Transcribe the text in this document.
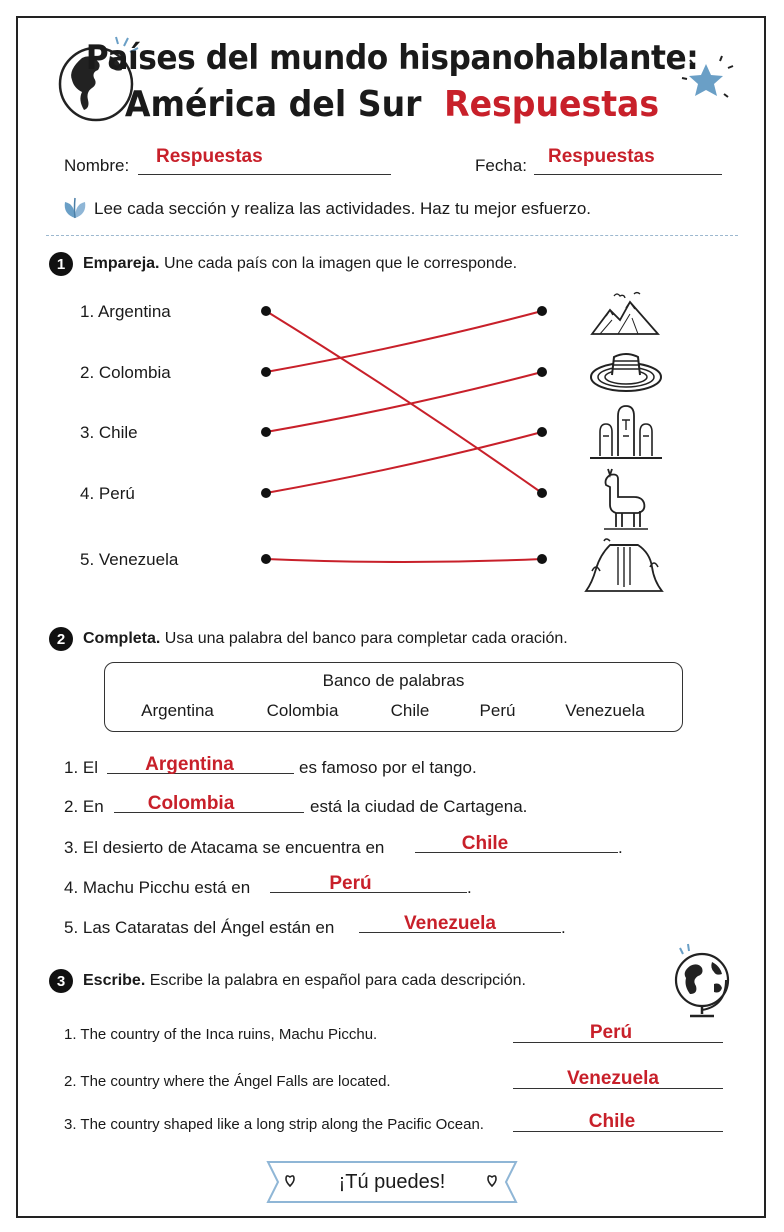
Países del mundo hispanohablante:
América del Sur Respuestas
Nombre: Respuestas	Fecha: Respuestas
Lee cada sección y realiza las actividades. Haz tu mejor esfuerzo.
1	Empareja. Une cada país con la imagen que le corresponde.
1. Argentina
2. Colombia
3. Chile
4. Perú
5. Venezuela
2	Completa. Usa una palabra del banco para completar cada oración.
Banco de palabras
Argentina	Colombia	Chile	Perú	Venezuela
1. El	Argentina	es famoso por el tango.
2. En	Colombia	está la ciudad de Cartagena.
3. El desierto de Atacama se encuentra en	Chile	.
4. Machu Picchu está en	Perú	.
5. Las Cataratas del Ángel están en	Venezuela	.
3	Escribe. Escribe la palabra en español para cada descripción.
1. The country of the Inca ruins, Machu Picchu.	Perú
2. The country where the Ángel Falls are located.	Venezuela
3. The country shaped like a long strip along the Pacific Ocean.	Chile
¡Tú puedes!
